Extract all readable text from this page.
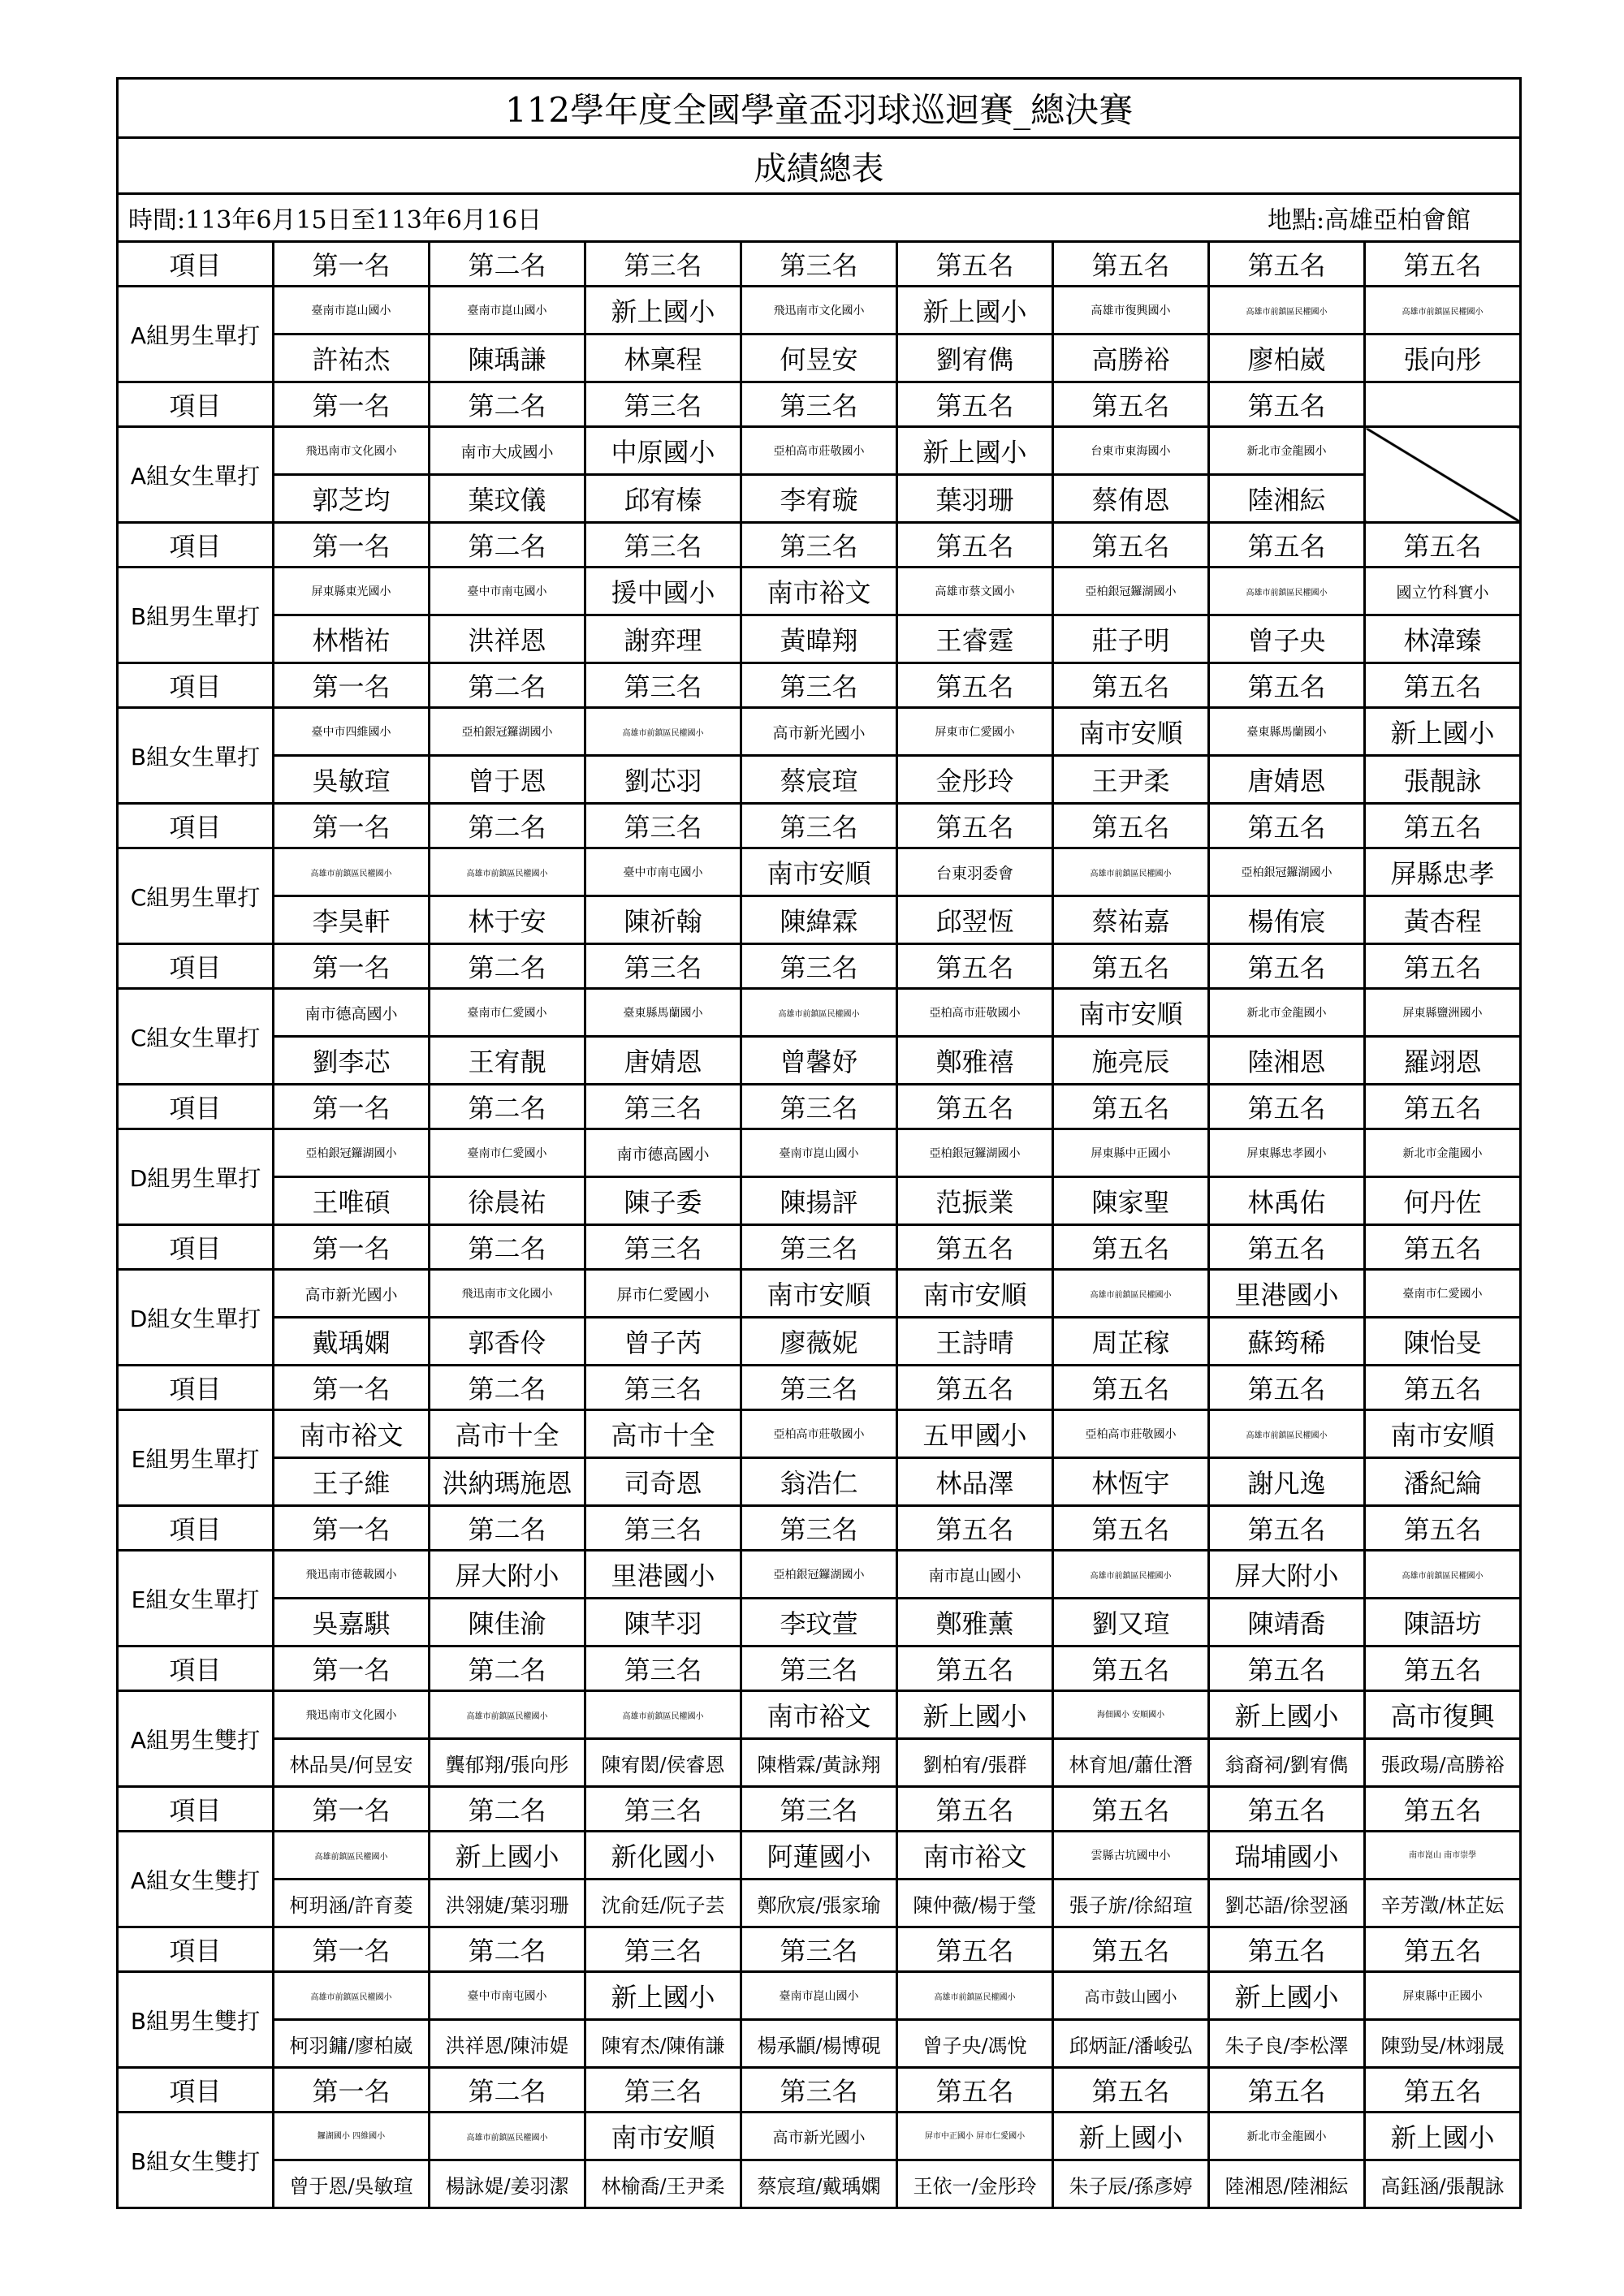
112學年度全國學童盃羽球巡迴賽_總決賽								
成績總表								

時間:113年6月15日至113年6月16日 地點:高雄亞柏會館								

項目	第一名	第二名	第三名	第三名	第五名	第五名	第五名	第五名
A組男生單打	臺南市崑山國小	臺南市崑山國小	新上國小	飛迅南市文化國小	新上國小	高雄市復興國小	高雄市前鎮區民權國小	高雄市前鎮區民權國小
	許祐杰	陳瑀謙	林稟程	何昱安	劉宥儁	高勝裕	廖柏崴	張向彤
項目	第一名	第二名	第三名	第三名	第五名	第五名	第五名	
A組女生單打	飛迅南市文化國小	南市大成國小	中原國小	亞柏高市莊敬國小	新上國小	台東市東海國小	新北市金龍國小	
	郭芝均	葉玟儀	邱宥榛	李宥璇	葉羽珊	蔡侑恩	陸湘紜	
項目	第一名	第二名	第三名	第三名	第五名	第五名	第五名	第五名
B組男生單打	屏東縣東光國小	臺中市南屯國小	援中國小	南市裕文	高雄市蔡文國小	亞柏銀冠鑼湖國小	高雄市前鎮區民權國小	國立竹科實小
	林楷祐	洪祥恩	謝弈理	黃暐翔	王睿霆	莊子明	曾子央	林湋臻
項目	第一名	第二名	第三名	第三名	第五名	第五名	第五名	第五名
B組女生單打	臺中市四維國小	亞柏銀冠鑼湖國小	高雄市前鎮區民權國小	高市新光國小	屏東市仁愛國小	南市安順	臺東縣馬蘭國小	新上國小
	吳敏瑄	曾于恩	劉芯羽	蔡宸瑄	金彤玲	王尹柔	唐婧恩	張靚詠
項目	第一名	第二名	第三名	第三名	第五名	第五名	第五名	第五名
C組男生單打	高雄市前鎮區民權國小	高雄市前鎮區民權國小	臺中市南屯國小	南市安順	台東羽委會	高雄市前鎮區民權國小	亞柏銀冠鑼湖國小	屏縣忠孝
	李昊軒	林于安	陳祈翰	陳緯霖	邱翌恆	蔡祐嘉	楊侑宸	黃杏程
項目	第一名	第二名	第三名	第三名	第五名	第五名	第五名	第五名
C組女生單打	南市德高國小	臺南市仁愛國小	臺東縣馬蘭國小	高雄市前鎮區民權國小	亞柏高市莊敬國小	南市安順	新北市金龍國小	屏東縣鹽洲國小
	劉李芯	王宥靚	唐婧恩	曾馨妤	鄭雅禧	施亮辰	陸湘恩	羅翊恩
項目	第一名	第二名	第三名	第三名	第五名	第五名	第五名	第五名
D組男生單打	亞柏銀冠鑼湖國小	臺南市仁愛國小	南市德高國小	臺南市崑山國小	亞柏銀冠鑼湖國小	屏東縣中正國小	屏東縣忠孝國小	新北市金龍國小
	王唯碩	徐晨祐	陳子委	陳揚評	范振業	陳家聖	林禹佑	何丹佐
項目	第一名	第二名	第三名	第三名	第五名	第五名	第五名	第五名
D組女生單打	高市新光國小	飛迅南市文化國小	屏市仁愛國小	南市安順	南市安順	高雄市前鎮區民權國小	里港國小	臺南市仁愛國小
	戴瑀嫻	郭香伶	曾子芮	廖薇妮	王詩晴	周芷稼	蘇筠稀	陳怡旻
項目	第一名	第二名	第三名	第三名	第五名	第五名	第五名	第五名
E組男生單打	南市裕文	高市十全	高市十全	亞柏高市莊敬國小	五甲國小	亞柏高市莊敬國小	高雄市前鎮區民權國小	南市安順
	王子維	洪納瑪施恩	司奇恩	翁浩仁	林品澤	林恆宇	謝凡逸	潘紀綸
項目	第一名	第二名	第三名	第三名	第五名	第五名	第五名	第五名
E組女生單打	飛迅南市德載國小	屏大附小	里港國小	亞柏銀冠鑼湖國小	南市崑山國小	高雄市前鎮區民權國小	屏大附小	高雄市前鎮區民權國小
	吳嘉騏	陳佳渝	陳芊羽	李玟萱	鄭雅薰	劉又瑄	陳靖喬	陳語坊
項目	第一名	第二名	第三名	第三名	第五名	第五名	第五名	第五名
A組男生雙打	飛迅南市文化國小	高雄市前鎮區民權國小	高雄市前鎮區民權國小	南市裕文	新上國小	海佃國小 安順國小	新上國小	高市復興
	林品昊/何昱安	龔郁翔/張向彤	陳宥閎/侯睿恩	陳楷霖/黃詠翔	劉柏宥/張群	林育旭/蕭仕潛	翁裔祠/劉宥儁	張政瑒/高勝裕
項目	第一名	第二名	第三名	第三名	第五名	第五名	第五名	第五名
A組女生雙打	高雄前鎮區民權國小	新上國小	新化國小	阿蓮國小	南市裕文	雲縣古坑國中小	瑞埔國小	南市崑山 南市崇學
	柯玥涵/許育菱	洪翎婕/葉羽珊	沈俞廷/阮子芸	鄭欣宸/張家瑜	陳仲薇/楊于瑩	張子旂/徐紹瑄	劉芯語/徐翌涵	辛芳澂/林芷妘
項目	第一名	第二名	第三名	第三名	第五名	第五名	第五名	第五名
B組男生雙打	高雄市前鎮區民權國小	臺中市南屯國小	新上國小	臺南市崑山國小	高雄市前鎮區民權國小	高市鼓山國小	新上國小	屏東縣中正國小
	柯羽鏞/廖柏崴	洪祥恩/陳沛媞	陳宥杰/陳侑謙	楊承顓/楊博硯	曾子央/馮悅	邱炳証/潘峻弘	朱子良/李松澤	陳勁旻/林翊晟
項目	第一名	第二名	第三名	第三名	第五名	第五名	第五名	第五名
B組女生雙打	鑼湖國小 四維國小	高雄市前鎮區民權國小	南市安順	高市新光國小	屏市中正國小 屏市仁愛國小	新上國小	新北市金龍國小	新上國小
	曾于恩/吳敏瑄	楊詠媞/姜羽潔	林榆喬/王尹柔	蔡宸瑄/戴瑀嫻	王依一/金彤玲	朱子辰/孫彥婷	陸湘恩/陸湘紜	高鈺涵/張靚詠
